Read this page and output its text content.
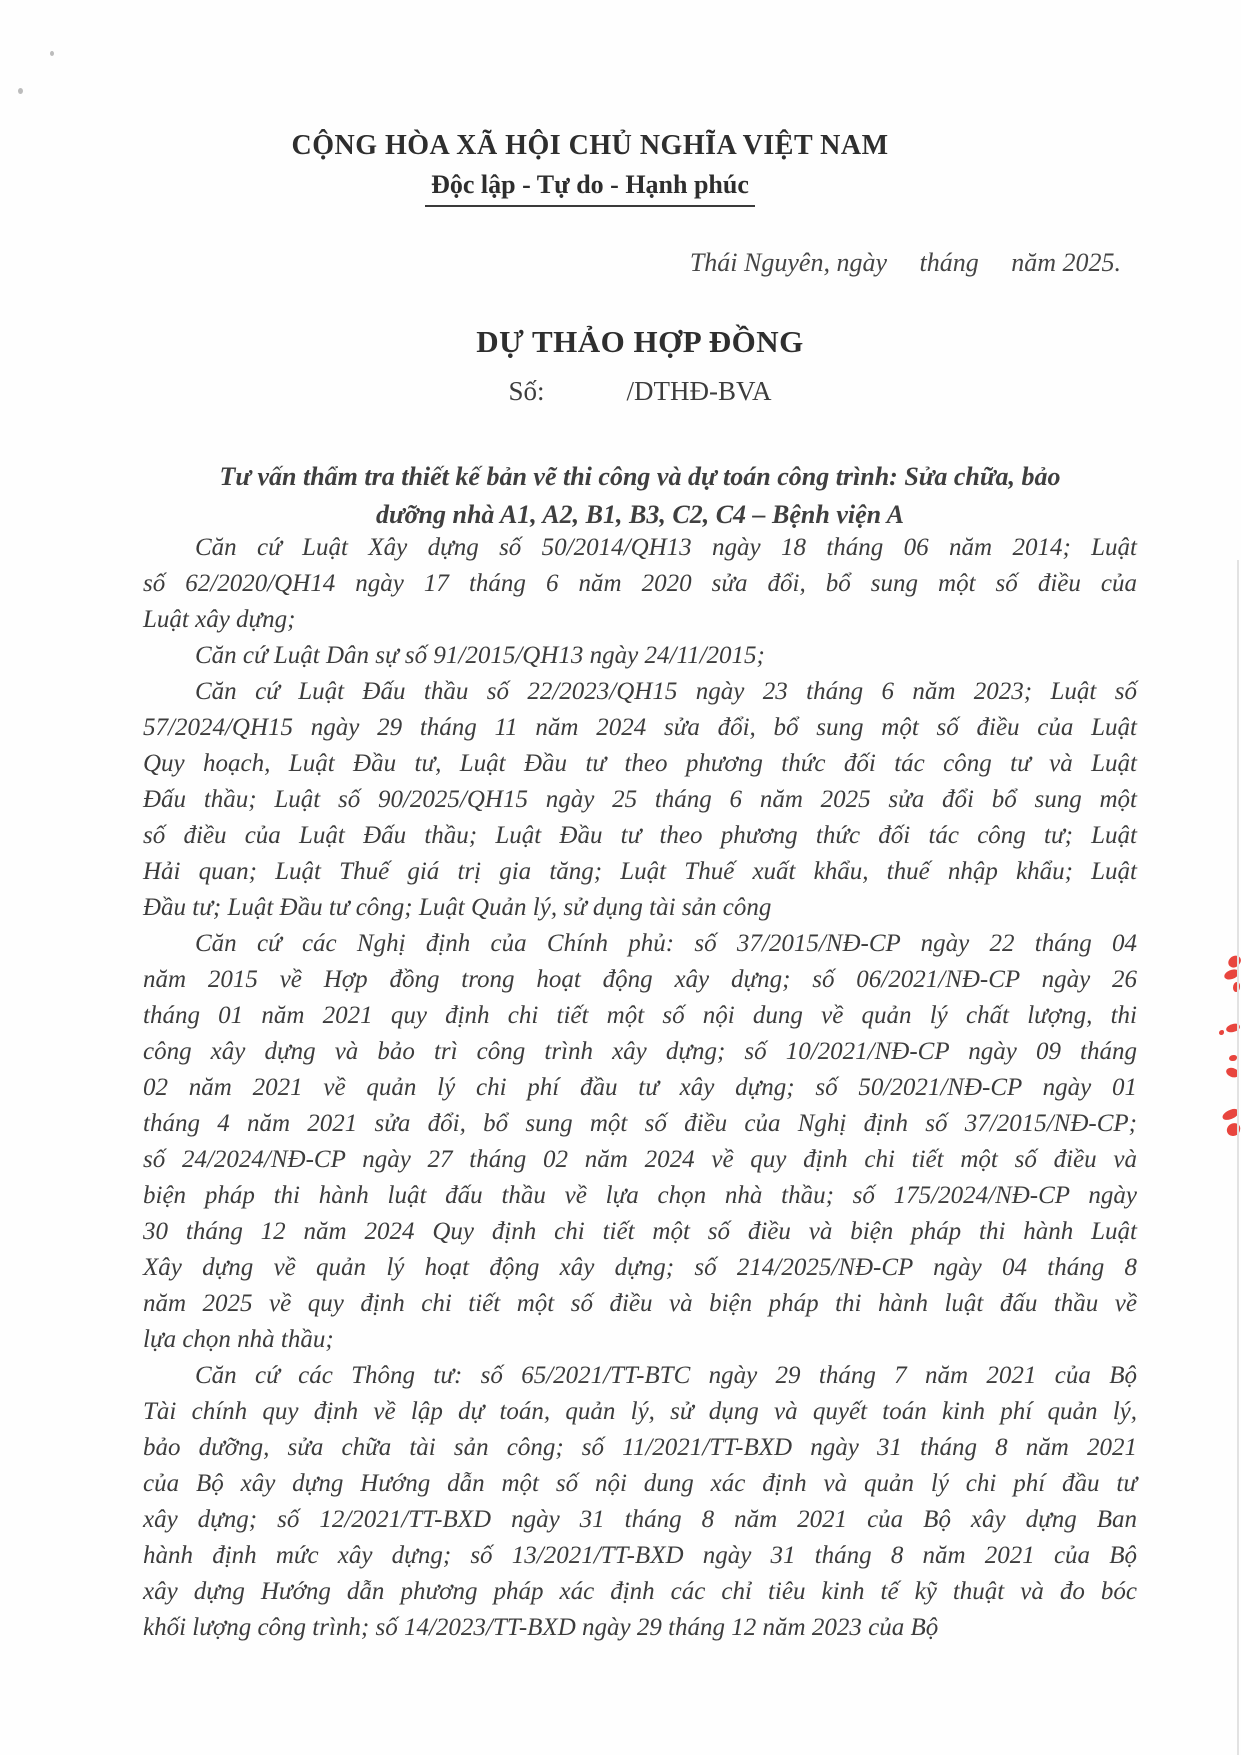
CỘNG HÒA XÃ HỘI CHỦ NGHĨA VIỆT NAM
Độc lập - Tự do - Hạnh phúc
Thái Nguyên, ngày     tháng     năm 2025.
DỰ THẢO HỢP ĐỒNG
Số:	/DTHĐ-BVA
Tư vấn thẩm tra thiết kế bản vẽ thi công và dự toán công trình: Sửa chữa, bảo
dưỡng nhà A1, A2, B1, B3, C2, C4 – Bệnh viện A
Căn cứ Luật Xây dựng số 50/2014/QH13 ngày 18 tháng 06 năm 2014; Luật
số 62/2020/QH14 ngày 17 tháng 6 năm 2020 sửa đổi, bổ sung một số điều của
Luật xây dựng;
Căn cứ Luật Dân sự số 91/2015/QH13 ngày 24/11/2015;
Căn cứ Luật Đấu thầu số 22/2023/QH15 ngày 23 tháng 6 năm 2023; Luật số
57/2024/QH15 ngày 29 tháng 11 năm 2024 sửa đổi, bổ sung một số điều của Luật
Quy hoạch, Luật Đầu tư, Luật Đầu tư theo phương thức đối tác công tư và Luật
Đấu thầu; Luật số 90/2025/QH15 ngày 25 tháng 6 năm 2025 sửa đổi bổ sung một
số điều của Luật Đấu thầu; Luật Đầu tư theo phương thức đối tác công tư; Luật
Hải quan; Luật Thuế giá trị gia tăng; Luật Thuế xuất khẩu, thuế nhập khẩu; Luật
Đầu tư; Luật Đầu tư công; Luật Quản lý, sử dụng tài sản công
Căn cứ các Nghị định của Chính phủ: số 37/2015/NĐ-CP ngày 22 tháng 04
năm 2015 về Hợp đồng trong hoạt động xây dựng; số 06/2021/NĐ-CP ngày 26
tháng 01 năm 2021 quy định chi tiết một số nội dung về quản lý chất lượng, thi
công xây dựng và bảo trì công trình xây dựng; số 10/2021/NĐ-CP ngày 09 tháng
02 năm 2021 về quản lý chi phí đầu tư xây dựng; số 50/2021/NĐ-CP ngày 01
tháng 4 năm 2021 sửa đổi, bổ sung một số điều của Nghị định số 37/2015/NĐ-CP;
số 24/2024/NĐ-CP ngày 27 tháng 02 năm 2024 về quy định chi tiết một số điều và
biện pháp thi hành luật đấu thầu về lựa chọn nhà thầu; số 175/2024/NĐ-CP ngày
30 tháng 12 năm 2024 Quy định chi tiết một số điều và biện pháp thi hành Luật
Xây dựng về quản lý hoạt động xây dựng; số 214/2025/NĐ-CP ngày 04 tháng 8
năm 2025 về quy định chi tiết một số điều và biện pháp thi hành luật đấu thầu về
lựa chọn nhà thầu;
Căn cứ các Thông tư: số 65/2021/TT-BTC ngày 29 tháng 7 năm 2021 của Bộ
Tài chính quy định về lập dự toán, quản lý, sử dụng và quyết toán kinh phí quản lý,
bảo dưỡng, sửa chữa tài sản công; số 11/2021/TT-BXD ngày 31 tháng 8 năm 2021
của Bộ xây dựng Hướng dẫn một số nội dung xác định và quản lý chi phí đầu tư
xây dựng; số 12/2021/TT-BXD ngày 31 tháng 8 năm 2021 của Bộ xây dựng Ban
hành định mức xây dựng; số 13/2021/TT-BXD ngày 31 tháng 8 năm 2021 của Bộ
xây dựng Hướng dẫn phương pháp xác định các chỉ tiêu kinh tế kỹ thuật và đo bóc
khối lượng công trình; số 14/2023/TT-BXD ngày 29 tháng 12 năm 2023 của Bộ
